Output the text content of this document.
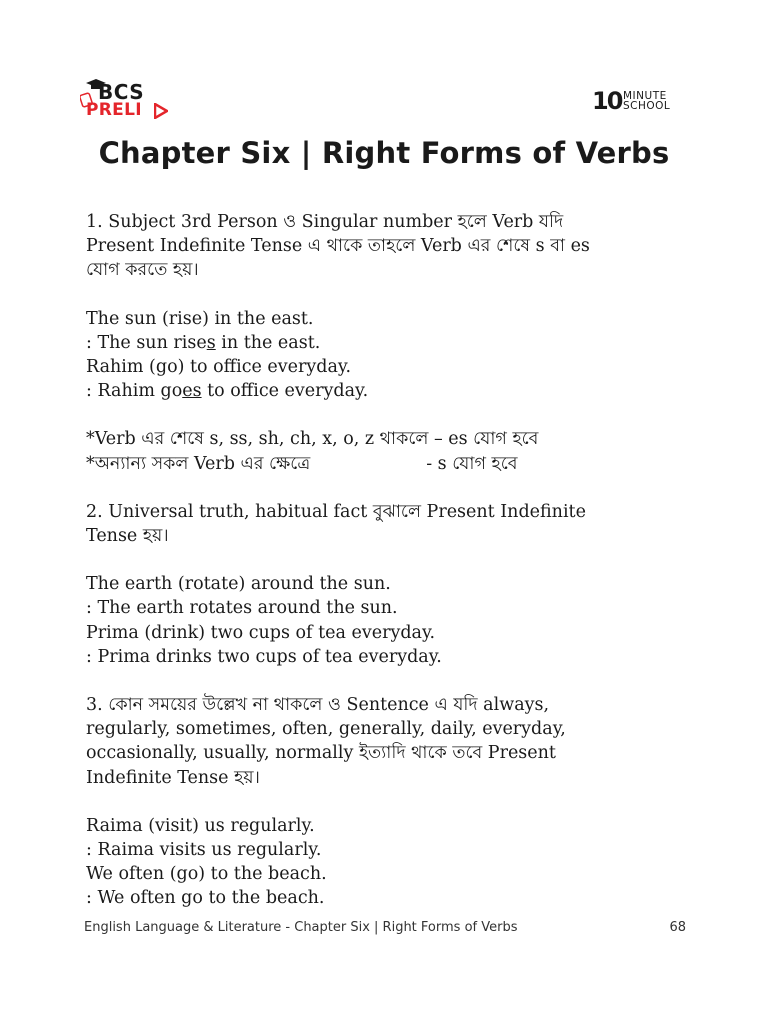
BCS
PRELI	10 MINUTE
SCHOOL
Chapter Six | Right Forms of Verbs

1. Subject 3rd Person ও Singular number হলে Verb যদি

Present Indefinite Tense এ থাকে তাহলে Verb এর শেষে s বা es

যোগ করতে হয়।

The sun (rise) in the east.

: The sun rises in the east.

Rahim (go) to office everyday.

: Rahim goes to office everyday.

*Verb এর শেষে s, ss, sh, ch, x, o, z থাকলে – es যোগ হবে

*অন্যান্য সকল Verb এর ক্ষেত্রে	- s যোগ হবে

2. Universal truth, habitual fact বুঝালে Present Indefinite

Tense হয়।

The earth (rotate) around the sun.

: The earth rotates around the sun.

Prima (drink) two cups of tea everyday.

: Prima drinks two cups of tea everyday.

3. কোন সময়ের উল্লেখ না থাকলে ও Sentence এ যদি always,

regularly, sometimes, often, generally, daily, everyday,

occasionally, usually, normally ইত্যাদি থাকে তবে Present

Indefinite Tense হয়।

Raima (visit) us regularly.

: Raima visits us regularly.

We often (go) to the beach.

: We often go to the beach.

English Language & Literature - Chapter Six | Right Forms of Verbs	68
